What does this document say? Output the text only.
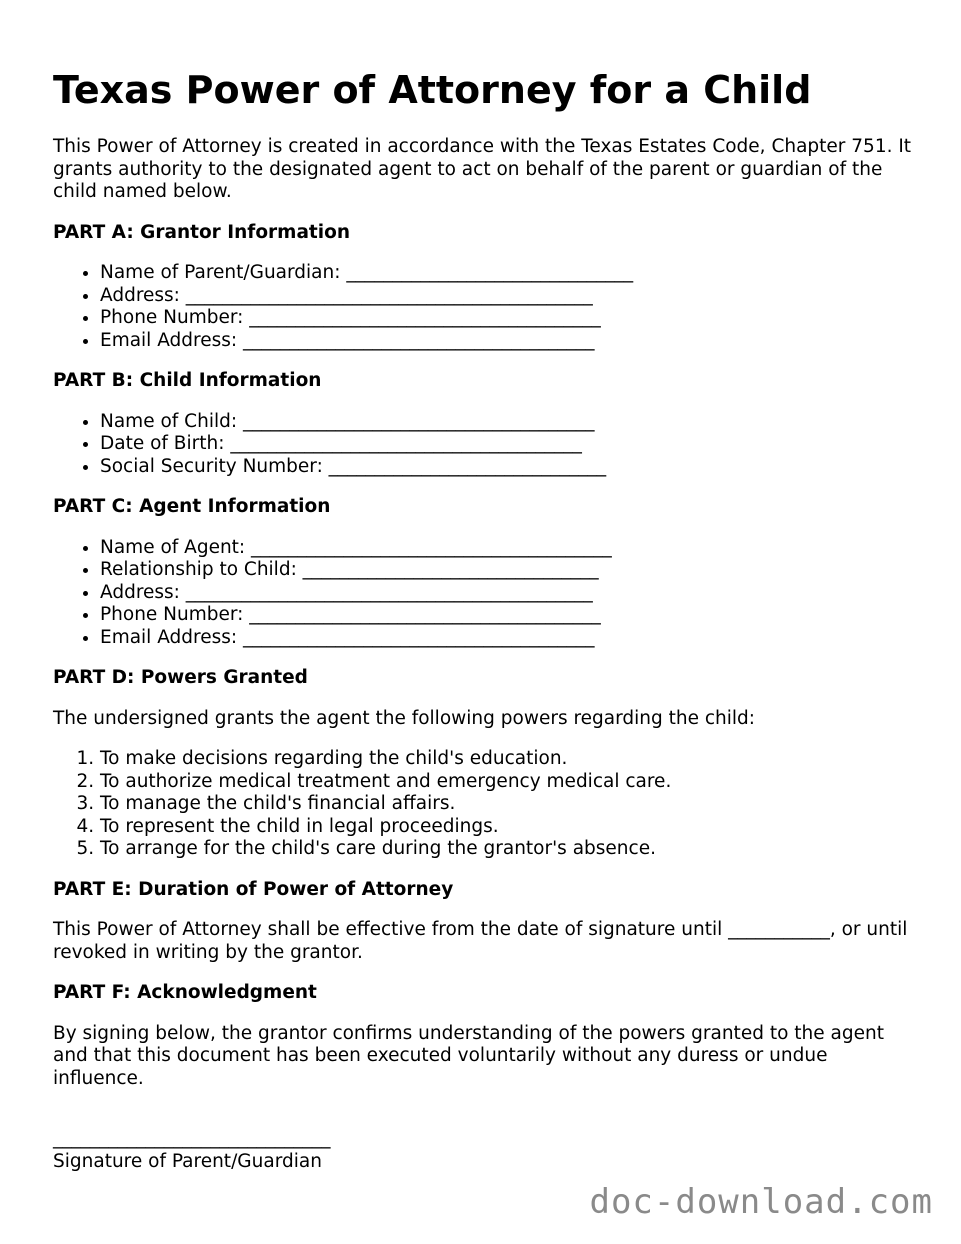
Texas Power of Attorney for a Child

This Power of Attorney is created in accordance with the Texas Estates Code, Chapter 751. It grants authority to the designated agent to act on behalf of the parent or guardian of the child named below.

PART A: Grantor Information
• Name of Parent/Guardian: _______________________________
• Address: ____________________________________________
• Phone Number: ______________________________________
• Email Address: ______________________________________
PART B: Child Information
• Name of Child: ______________________________________
• Date of Birth: ______________________________________
• Social Security Number: ______________________________
PART C: Agent Information
• Name of Agent: _______________________________________
• Relationship to Child: ________________________________
• Address: ____________________________________________
• Phone Number: ______________________________________
• Email Address: ______________________________________
PART D: Powers Granted

The undersigned grants the agent the following powers regarding the child:

1. To make decisions regarding the child's education.
2. To authorize medical treatment and emergency medical care.
3. To manage the child's financial affairs.
4. To represent the child in legal proceedings.
5. To arrange for the child's care during the grantor's absence.
PART E: Duration of Power of Attorney

This Power of Attorney shall be effective from the date of signature until ___________, or until revoked in writing by the grantor.

PART F: Acknowledgment

By signing below, the grantor confirms understanding of the powers granted to the agent and that this document has been executed voluntarily without any duress or undue influence.

______________________________
Signature of Parent/Guardian
doc-download.com
